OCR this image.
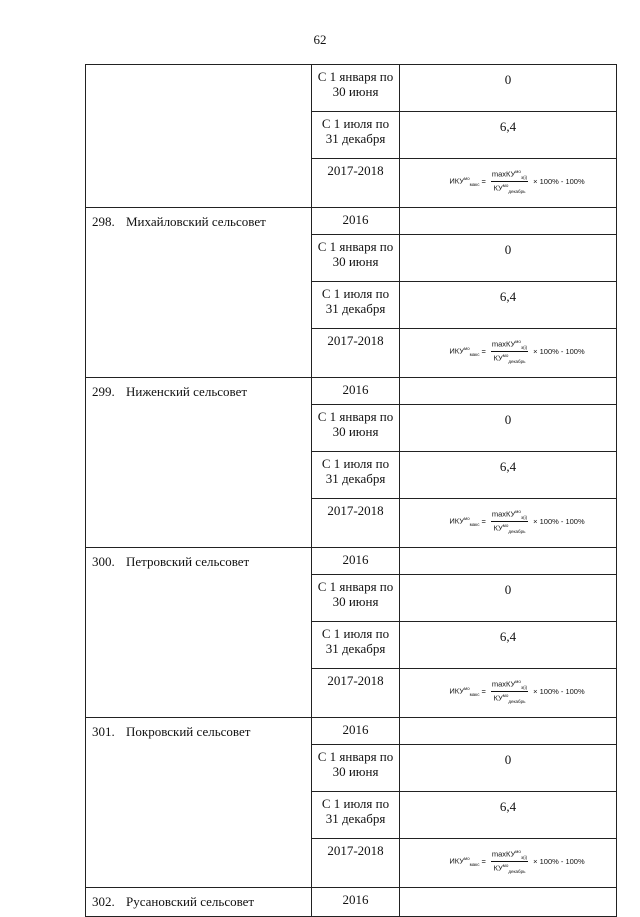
62

	С 1 января по
30 июня	0

	С 1 июля по
31 декабря	6,4
	2017-2018	$ИКУ^{мо}_{макс} = \frac{\max КУ^{мо}_{э(i)}}{КУ^{мо}_{декабрь}} \times 100\% - 100\%$

298. Михайловский сельсовет	2016	

	С 1 января по
30 июня	0

	С 1 июля по
31 декабря	6,4
	2017-2018	$ИКУ^{мо}_{макс} = \frac{\max КУ^{мо}_{э(i)}}{КУ^{мо}_{декабрь}} \times 100\% - 100\%$

299. Ниженский сельсовет	2016	

	С 1 января по
30 июня	0

	С 1 июля по
31 декабря	6,4
	2017-2018	$ИКУ^{мо}_{макс} = \frac{\max КУ^{мо}_{э(i)}}{КУ^{мо}_{декабрь}} \times 100\% - 100\%$

300. Петровский сельсовет	2016	

	С 1 января по
30 июня	0

	С 1 июля по
31 декабря	6,4
	2017-2018	$ИКУ^{мо}_{макс} = \frac{\max КУ^{мо}_{э(i)}}{КУ^{мо}_{декабрь}} \times 100\% - 100\%$

301. Покровский сельсовет	2016	

	С 1 января по
30 июня	0

	С 1 июля по
31 декабря	6,4
	2017-2018	$ИКУ^{мо}_{макс} = \frac{\max КУ^{мо}_{э(i)}}{КУ^{мо}_{декабрь}} \times 100\% - 100\%$

302. Русановский сельсовет	2016	
